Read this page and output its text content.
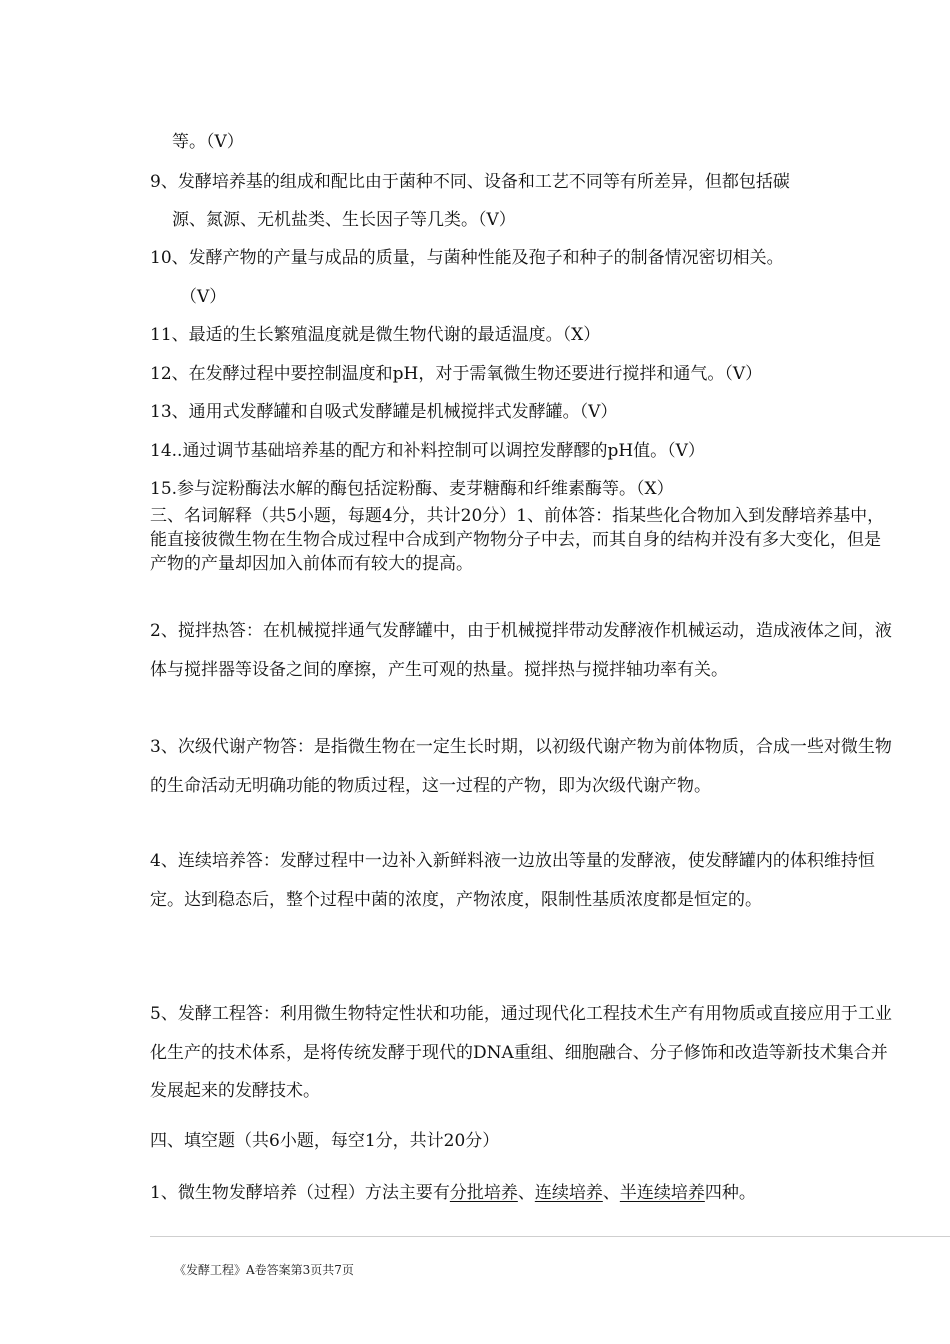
等。（V）

9、发酵培养基的组成和配比由于菌种不同、设备和工艺不同等有所差异，但都包括碳

源、氮源、无机盐类、生长因子等几类。（V）

10、发酵产物的产量与成品的质量，与菌种性能及孢子和种子的制备情况密切相关。

（V）

11、最适的生长繁殖温度就是微生物代谢的最适温度。（X）

12、在发酵过程中要控制温度和pH，对于需氧微生物还要进行搅拌和通气。（V）

13、通用式发酵罐和自吸式发酵罐是机械搅拌式发酵罐。（V）

14..通过调节基础培养基的配方和补料控制可以调控发酵醪的pH值。（V）

15.参与淀粉酶法水解的酶包括淀粉酶、麦芽糖酶和纤维素酶等。（X）

三、名词解释（共5小题，每题4分，共计20分）1、前体答：指某些化合物加入到发酵培养基中，能直接彼微生物在生物合成过程中合成到产物物分子中去，而其自身的结构并没有多大变化，但是产物的产量却因加入前体而有较大的提高。

2、搅拌热答：在机械搅拌通气发酵罐中，由于机械搅拌带动发酵液作机械运动，造成液体之间，液体与搅拌器等设备之间的摩擦，产生可观的热量。搅拌热与搅拌轴功率有关。

3、次级代谢产物答：是指微生物在一定生长时期，以初级代谢产物为前体物质，合成一些对微生物的生命活动无明确功能的物质过程，这一过程的产物，即为次级代谢产物。

4、连续培养答：发酵过程中一边补入新鲜料液一边放出等量的发酵液，使发酵罐内的体积维持恒定。达到稳态后，整个过程中菌的浓度，产物浓度，限制性基质浓度都是恒定的。

5、发酵工程答：利用微生物特定性状和功能，通过现代化工程技术生产有用物质或直接应用于工业化生产的技术体系，是将传统发酵于现代的DNA重组、细胞融合、分子修饰和改造等新技术集合并发展起来的发酵技术。

四、填空题（共6小题，每空1分，共计20分）

1、微生物发酵培养（过程）方法主要有分批培养、连续培养、半连续培养四种。

《发酵工程》A卷答案第3页共7页
